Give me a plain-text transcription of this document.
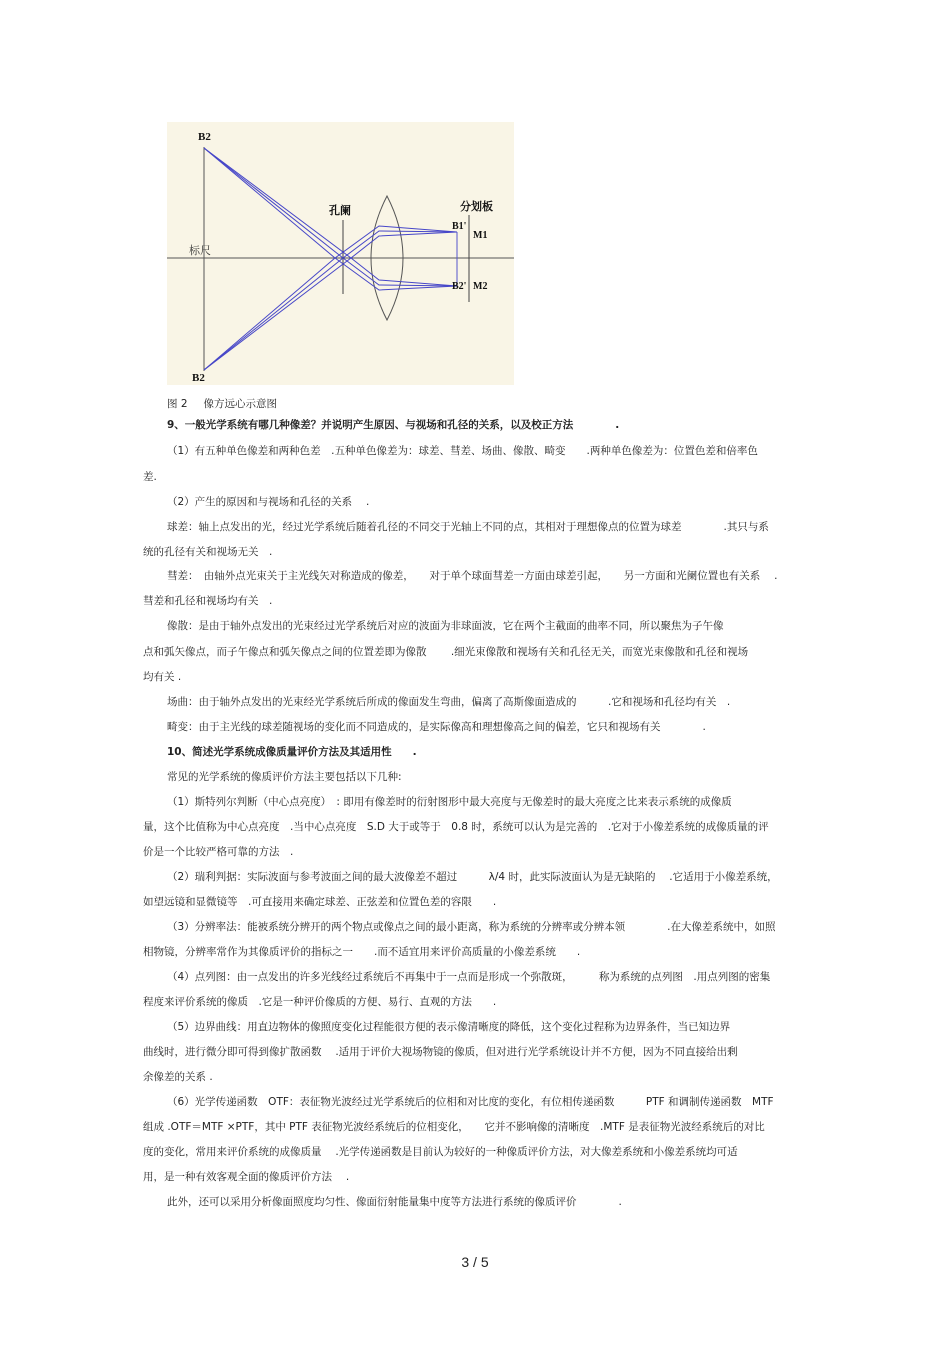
B2
B2
标尺
孔阑	分划板
B1'
M1
B2' M2
图 2 像方远心示意图
9、一般光学系统有哪几种像差？并说明产生原因、与视场和孔径的关系，以及校正方法　　　　.
（1）有五种单色像差和两种色差　.五种单色像差为：球差、彗差、场曲、像散、畸变　　.两种单色像差为：位置色差和倍率色
差.
（2）产生的原因和与视场和孔径的关系　 .
球差：轴上点发出的光，经过光学系统后随着孔径的不同交于光轴上不同的点，其相对于理想像点的位置为球差　　　　.其只与系
统的孔径有关和视场无关　.
彗差：　由轴外点光束关于主光线矢对称造成的像差，　　对于单个球面彗差一方面由球差引起，　　另一方面和光阑位置也有关系　 .
彗差和孔径和视场均有关　.
像散：是由于轴外点发出的光束经过光学系统后对应的波面为非球面波，它在两个主截面的曲率不同，所以聚焦为子午像
点和弧矢像点，而子午像点和弧矢像点之间的位置差即为像散　　 .细光束像散和视场有关和孔径无关，而宽光束像散和孔径和视场
均有关 .
场曲：由于轴外点发出的光束经光学系统后所成的像面发生弯曲，偏离了高斯像面造成的　　　.它和视场和孔径均有关　.
畸变：由于主光线的球差随视场的变化而不同造成的，是实际像高和理想像高之间的偏差，它只和视场有关　　　　.
10、简述光学系统成像质量评价方法及其适用性　　.
常见的光学系统的像质评价方法主要包括以下几种:
（1）斯特列尔判断（中心点亮度）　: 即用有像差时的衍射图形中最大亮度与无像差时的最大亮度之比来表示系统的成像质
量，这个比值称为中心点亮度　.当中心点亮度　S.D 大于或等于　0.8 时，系统可以认为是完善的　.它对于小像差系统的成像质量的评
价是一个比较严格可靠的方法　.
（2）瑞利判据：实际波面与参考波面之间的最大波像差不超过　　　λ/4 时，此实际波面认为是无缺陷的　 .它适用于小像差系统，
如望远镜和显微镜等　.可直接用来确定球差、正弦差和位置色差的容限　　.
（3）分辨率法：能被系统分辨开的两个物点或像点之间的最小距离，称为系统的分辨率或分辨本领　　　　.在大像差系统中，如照
相物镜，分辨率常作为其像质评价的指标之一　　.而不适宜用来评价高质量的小像差系统　　.
（4）点列图：由一点发出的许多光线经过系统后不再集中于一点而是形成一个弥散斑，　　　称为系统的点列图　.用点列图的密集
程度来评价系统的像质　.它是一种评价像质的方便、易行、直观的方法　　.
（5）边界曲线：用直边物体的像照度变化过程能很方便的表示像清晰度的降低，这个变化过程称为边界条件，当已知边界
曲线时，进行微分即可得到像扩散函数　 .适用于评价大视场物镜的像质，但对进行光学系统设计并不方便，因为不同直接给出剩
余像差的关系 .
（6）光学传递函数　OTF：表征物光波经过光学系统后的位相和对比度的变化，有位相传递函数　　　PTF 和调制传递函数　MTF
组成 .OTF＝MTF ×PTF，其中 PTF 表征物光波经系统后的位相变化，　　它并不影响像的清晰度　.MTF 是表征物光波经系统后的对比
度的变化，常用来评价系统的成像质量　 .光学传递函数是目前认为较好的一种像质评价方法，对大像差系统和小像差系统均可适
用，是一种有效客观全面的像质评价方法　 .
此外，还可以采用分析像面照度均匀性、像面衍射能量集中度等方法进行系统的像质评价　　　　.
3 / 5
